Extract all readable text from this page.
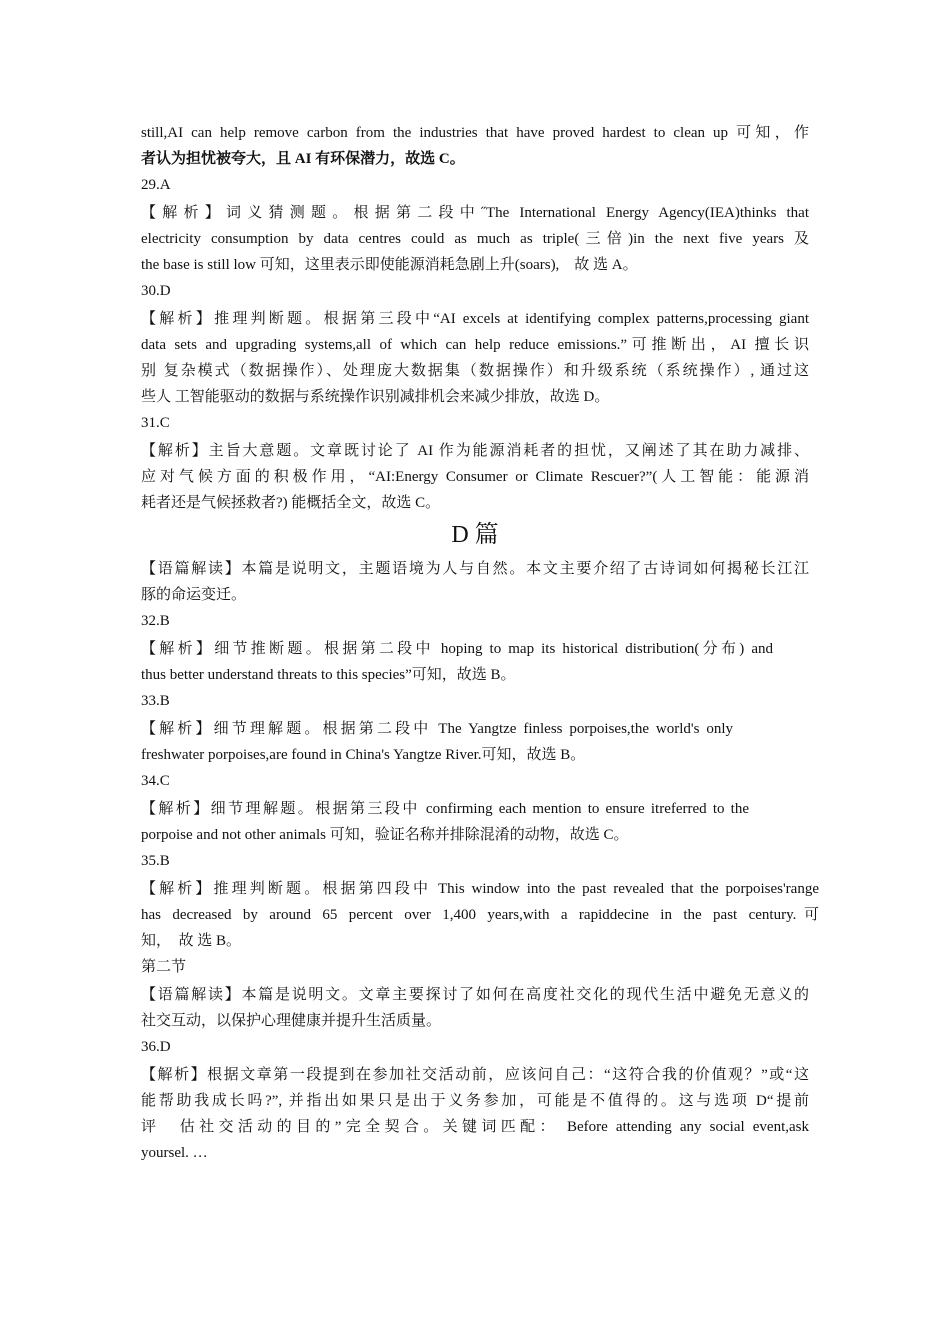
still,AI can help remove carbon from the industries that have proved hardest to clean up 可知，作
者认为担忧被夸大，且 AI 有环保潜力，故选 C。
29.A
【解析】词义猜测题。根据第二段中˝The International Energy Agency(IEA)thinks that
electricity consumption by data centres could as much as triple(三倍)in the next five years 及
the base is still low 可知，这里表示即使能源消耗急剧上升(soars),　故 选 A。
30.D
【解析】推理判断题。根据第三段中“AI excels at identifying complex patterns,processing giant
data sets and upgrading systems,all of which can help reduce emissions.”可推断出，AI 擅长识
别 复杂模式（数据操作）、处理庞大数据集（数据操作）和升级系统（系统操作）, 通过这
些人 工智能驱动的数据与系统操作识别减排机会来减少排放，故选 D。
31.C
【解析】主旨大意题。文章既讨论了 AI 作为能源消耗者的担忧，又阐述了其在助力减排、
应对气候方面的积极作用，“AI:Energy Consumer or Climate Rescuer?”(人工智能：能源消
耗者还是气候拯救者?) 能概括全文，故选 C。
D 篇
【语篇解读】本篇是说明文，主题语境为人与自然。本文主要介绍了古诗词如何揭秘长江江
豚的命运变迁。
32.B
【解析】细节推断题。根据第二段中 hoping to map its historical distribution(分布) and
thus better understand threats to this species”可知，故选 B。
33.B
【解析】细节理解题。根据第二段中 The Yangtze finless porpoises,the world's only
freshwater porpoises,are found in China's Yangtze River.可知，故选 B。
34.C
【解析】细节理解题。根据第三段中 confirming each mention to ensure itreferred to the
porpoise and not other animals 可知，验证名称并排除混淆的动物，故选 C。
35.B
【解析】推理判断题。根据第四段中 This window into the past revealed that the porpoises'range
has decreased by around 65 percent over 1,400 years,with a rapiddecine in the past century.可
知，　故 选 B。
第二节
【语篇解读】本篇是说明文。文章主要探讨了如何在高度社交化的现代生活中避免无意义的
社交互动，以保护心理健康并提升生活质量。
36.D
【解析】根据文章第一段提到在参加社交活动前，应该问自己：“这符合我的价值观？”或“这
能帮助我成长吗?”, 并指出如果只是出于义务参加，可能是不值得的。这与选项 D“提前
评　估社交活动的目的”完全契合。关键词匹配： Before attending any social event,ask
yoursel. …
